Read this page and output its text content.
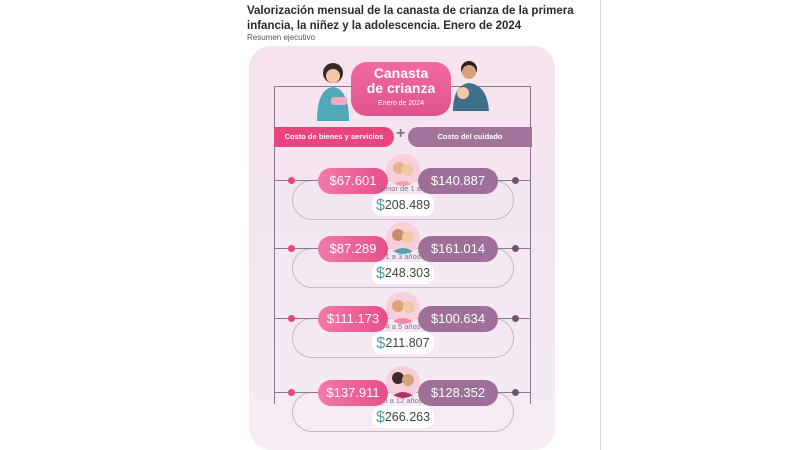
Valorización mensual de la canasta de crianza de la primera infancia, la niñez y la adolescencia. Enero de 2024
Resumen ejecutivo
Canasta
de crianza
Enero de 2024
Costo de bienes y servicios +	Costo del cuidado
$67.601	$140.887
Menor de 1 año
$208.489
$87.289	$161.014
1 a 3 años
$248.303
$111.173	$100.634
4 a 5 años
$211.807
$137.911	$128.352
6 a 12 años
$266.263
